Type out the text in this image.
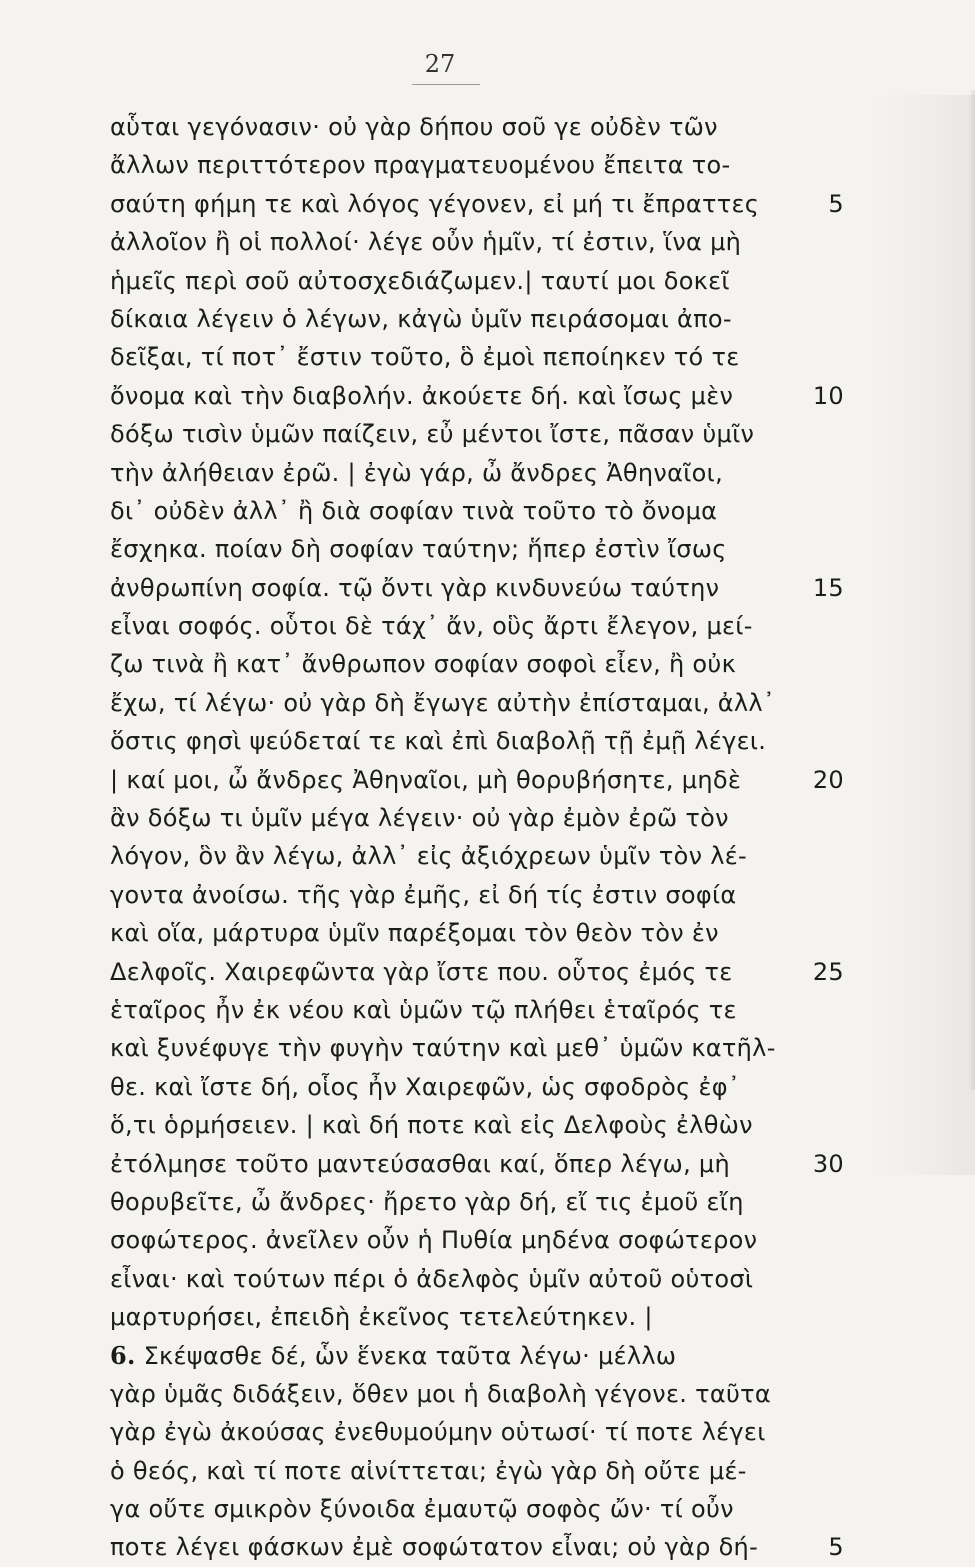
27
αὗται γεγόνασιν· οὐ γὰρ δήπου σοῦ γε οὐδὲν τῶν
ἄλλων περιττότερον πραγματευομένου ἔπειτα το-
σαύτη φήμη τε καὶ λόγος γέγονεν, εἰ μή τι ἔπραττες	5
ἀλλοῖον ἢ οἱ πολλοί· λέγε οὖν ἡμῖν, τί ἐστιν, ἵνα μὴ
ἡμεῖς περὶ σοῦ αὐτοσχεδιάζωμεν.| ταυτί μοι δοκεῖ
δίκαια λέγειν ὁ λέγων, κἀγὼ ὑμῖν πειράσομαι ἀπο-
δεῖξαι, τί ποτ᾽ ἔστιν τοῦτο, ὃ ἐμοὶ πεποίηκεν τό τε
ὄνομα καὶ τὴν διαβολήν. ἀκούετε δή. καὶ ἴσως μὲν	10
δόξω τισὶν ὑμῶν παίζειν, εὖ μέντοι ἴστε, πᾶσαν ὑμῖν
τὴν ἀλήθειαν ἐρῶ. | ἐγὼ γάρ, ὦ ἄνδρες Ἀθηναῖοι,
δι᾽ οὐδὲν ἀλλ᾽ ἢ διὰ σοφίαν τινὰ τοῦτο τὸ ὄνομα
ἔσχηκα. ποίαν δὴ σοφίαν ταύτην; ἥπερ ἐστὶν ἴσως
ἀνθρωπίνη σοφία. τῷ ὄντι γὰρ κινδυνεύω ταύτην	15
εἶναι σοφός. οὗτοι δὲ τάχ᾽ ἄν, οὓς ἄρτι ἔλεγον, μεί-
ζω τινὰ ἢ κατ᾽ ἄνθρωπον σοφίαν σοφοὶ εἶεν, ἢ οὐκ
ἔχω, τί λέγω· οὐ γὰρ δὴ ἔγωγε αὐτὴν ἐπίσταμαι, ἀλλ᾽
ὅστις φησὶ ψεύδεταί τε καὶ ἐπὶ διαβολῇ τῇ ἐμῇ λέγει.
| καί μοι, ὦ ἄνδρες Ἀθηναῖοι, μὴ θορυβήσητε, μηδὲ	20
ἂν δόξω τι ὑμῖν μέγα λέγειν· οὐ γὰρ ἐμὸν ἐρῶ τὸν
λόγον, ὃν ἂν λέγω, ἀλλ᾽ εἰς ἀξιόχρεων ὑμῖν τὸν λέ-
γοντα ἀνοίσω. τῆς γὰρ ἐμῆς, εἰ δή τίς ἐστιν σοφία
καὶ οἵα, μάρτυρα ὑμῖν παρέξομαι τὸν θεὸν τὸν ἐν
Δελφοῖς. Χαιρεφῶντα γὰρ ἴστε που. οὗτος ἐμός τε	25
ἑταῖρος ἦν ἐκ νέου καὶ ὑμῶν τῷ πλήθει ἑταῖρός τε
καὶ ξυνέφυγε τὴν φυγὴν ταύτην καὶ μεθ᾽ ὑμῶν κατῆλ-
θε. καὶ ἴστε δή, οἷος ἦν Χαιρεφῶν, ὡς σφοδρὸς ἐφ᾽
ὅ,τι ὁρμήσειεν. | καὶ δή ποτε καὶ εἰς Δελφοὺς ἐλθὼν
ἐτόλμησε τοῦτο μαντεύσασθαι καί, ὅπερ λέγω, μὴ	30
θορυβεῖτε, ὦ ἄνδρες· ἤρετο γὰρ δή, εἴ τις ἐμοῦ εἴη
σοφώτερος. ἀνεῖλεν οὖν ἡ Πυθία μηδένα σοφώτερον
εἶναι· καὶ τούτων πέρι ὁ ἀδελφὸς ὑμῖν αὐτοῦ οὑτοσὶ
μαρτυρήσει, ἐπειδὴ ἐκεῖνος τετελεύτηκεν. |
6. Σκέψασθε δέ, ὧν ἕνεκα ταῦτα λέγω· μέλλω
γὰρ ὑμᾶς διδάξειν, ὅθεν μοι ἡ διαβολὴ γέγονε. ταῦτα
γὰρ ἐγὼ ἀκούσας ἐνεθυμούμην οὑτωσί· τί ποτε λέγει
ὁ θεός, καὶ τί ποτε αἰνίττεται; ἐγὼ γὰρ δὴ οὔτε μέ-
γα οὔτε σμικρὸν ξύνοιδα ἐμαυτῷ σοφὸς ὤν· τί οὖν
ποτε λέγει φάσκων ἐμὲ σοφώτατον εἶναι; οὐ γὰρ δή-	5
